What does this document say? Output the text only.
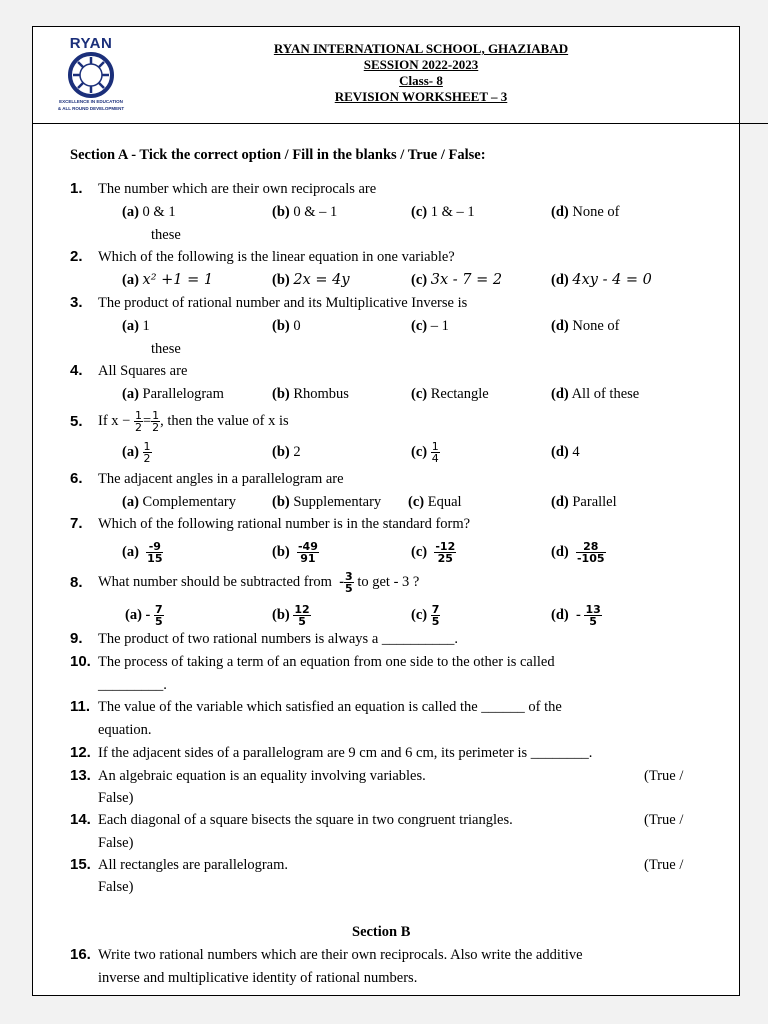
RYAN
EXCELLENCE IN EDUCATION
& ALL ROUND DEVELOPMENT
RYAN INTERNATIONAL SCHOOL, GHAZIABAD
SESSION 2022-2023
Class- 8
REVISION WORKSHEET – 3
Section A - Tick the correct option / Fill in the blanks / True / False:
1. The number which are their own reciprocals are
(a) 0 & 1	(b) 0 & – 1	(c) 1 & – 1	(d) None of
these
2. Which of the following is the linear equation in one variable?
(a) x² +1 = 1	(b) 2x = 4y	(c) 3x - 7 = 2	(d) 4xy - 4 = 0
3. The product of rational number and its Multiplicative Inverse is
(a) 1	(b) 0	(c) – 1	(d) None of
these
4. All Squares are
(a) Parallelogram	(b) Rhombus	(c) Rectangle	(d) All of these
5. If $x - \frac{1}{2} = \frac{1}{2}$ , then the value of x is
$(a) \frac{1}{2}$	(b) 2	$(c) \frac{1}{4}$	(d) 4
6. The adjacent angles in a parallelogram are
(a) Complementary (b) Supplementary (c) Equal	(d) Parallel
7. Which of the following rational number is in the standard form?
$(a) \frac{-9}{15}$	$(b) \frac{-49}{91}$	$(c) \frac{-12}{25}$	$(d) \frac{28}{-105}$
8. What number should be subtracted from - $\frac{3}{5}$ to get - 3 ?
$(a) - \frac{7}{5}$	$(b) \frac{12}{5}$	$(c) \frac{7}{5}$	$(d) - \frac{13}{5}$
9. The product of two rational numbers is always a __________.
10. The process of taking a term of an equation from one side to the other is called
_________.
11. The value of the variable which satisfied an equation is called the ______ of the
equation.
12. If the adjacent sides of a parallelogram are 9 cm and 6 cm, its perimeter is ________.
13. An algebraic equation is an equality involving variables.	(True /
False)
14. Each diagonal of a square bisects the square in two congruent triangles.	(True /
False)
15. All rectangles are parallelogram.	(True /
False)
Section B
16. Write two rational numbers which are their own reciprocals. Also write the additive
inverse and multiplicative identity of rational numbers.
